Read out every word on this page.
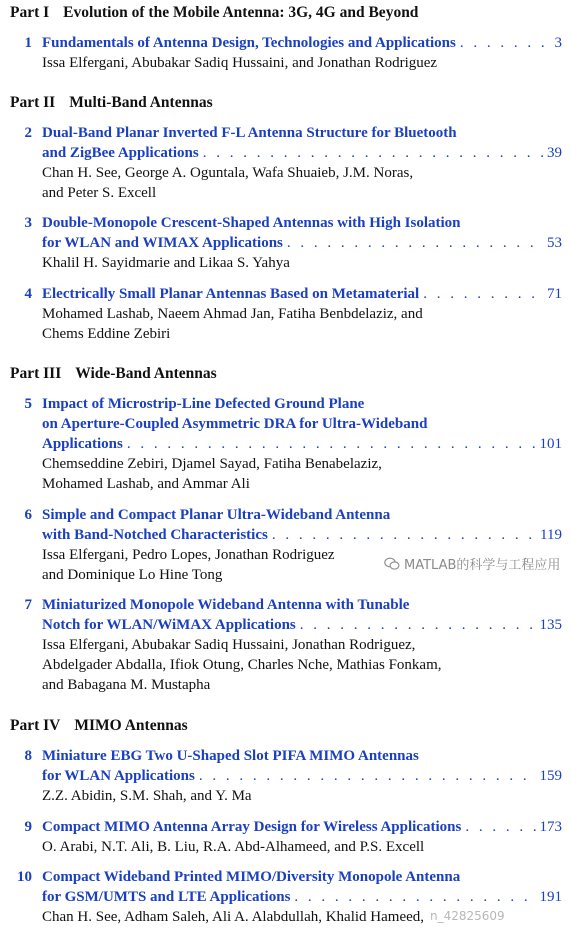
Part I Evolution of the Mobile Antenna: 3G, 4G and Beyond
1 Fundamentals of Antenna Design, Technologies and Applications . . .	3
Issa Elfergani, Abubakar Sadiq Hussaini, and Jonathan Rodriguez
Part II Multi-Band Antennas
2 Dual-Band Planar Inverted F-L Antenna Structure for Bluetooth
and ZigBee Applications . . .	39
Chan H. See, George A. Oguntala, Wafa Shuaieb, J.M. Noras,
and Peter S. Excell
3 Double-Monopole Crescent-Shaped Antennas with High Isolation
for WLAN and WIMAX Applications . . .	53
Khalil H. Sayidmarie and Likaa S. Yahya
4 Electrically Small Planar Antennas Based on Metamaterial . . .	71
Mohamed Lashab, Naeem Ahmad Jan, Fatiha Benbdelaziz, and
Chems Eddine Zebiri
Part III Wide-Band Antennas
5 Impact of Microstrip-Line Defected Ground Plane
on Aperture-Coupled Asymmetric DRA for Ultra-Wideband
Applications . . .	101
Chemseddine Zebiri, Djamel Sayad, Fatiha Benabelaziz,
Mohamed Lashab, and Ammar Ali
6 Simple and Compact Planar Ultra-Wideband Antenna
with Band-Notched Characteristics . . .	119
Issa Elfergani, Pedro Lopes, Jonathan Rodriguez
and Dominique Lo Hine Tong
7 Miniaturized Monopole Wideband Antenna with Tunable
Notch for WLAN/WiMAX Applications . . .	135
Issa Elfergani, Abubakar Sadiq Hussaini, Jonathan Rodriguez,
Abdelgader Abdalla, Ifiok Otung, Charles Nche, Mathias Fonkam,
and Babagana M. Mustapha
Part IV MIMO Antennas
8 Miniature EBG Two U-Shaped Slot PIFA MIMO Antennas
for WLAN Applications . . .	159
Z.Z. Abidin, S.M. Shah, and Y. Ma
9 Compact MIMO Antenna Array Design for Wireless Applications . . .	173
O. Arabi, N.T. Ali, B. Liu, R.A. Abd-Alhameed, and P.S. Excell
10 Compact Wideband Printed MIMO/Diversity Monopole Antenna
for GSM/UMTS and LTE Applications . . .	191
Chan H. See, Adham Saleh, Ali A. Alabdullah, Khalid Hameed,
MATLAB的科学与工程应用
n_42825609
